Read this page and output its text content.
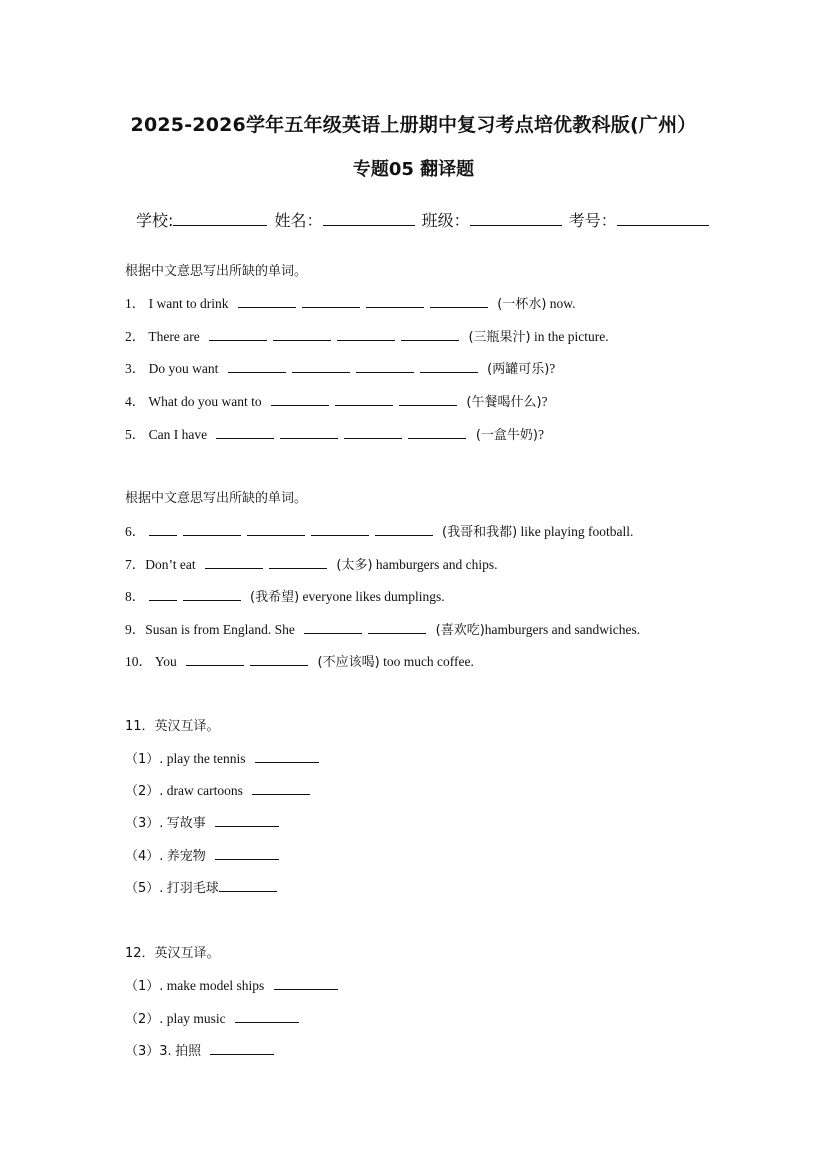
2025-2026学年五年级英语上册期中复习考点培优教科版(广州）
专题05 翻译题
学校:	姓名：	班级：	考号：
根据中文意思写出所缺的单词。
1． I want to drink	(一杯水) now.
2． There are	(三瓶果汁) in the picture.
3． Do you want	(两罐可乐)?
4． What do you want to	(午餐喝什么)?
5． Can I have	(一盒牛奶)?
根据中文意思写出所缺的单词。
6．	(我哥和我都) like playing football.
7．Don’t eat	(太多) hamburgers and chips.
8．	(我希望) everyone likes dumplings.
9．Susan is from England. She	(喜欢吃)hamburgers and sandwiches.
10． You	(不应该喝) too much coffee.
11．英汉互译。
（1）. play the tennis
（2）. draw cartoons
（3）. 写故事
（4）. 养宠物
（5）. 打羽毛球
12．英汉互译。
（1）. make model ships
（2）. play music
（3）3. 拍照
